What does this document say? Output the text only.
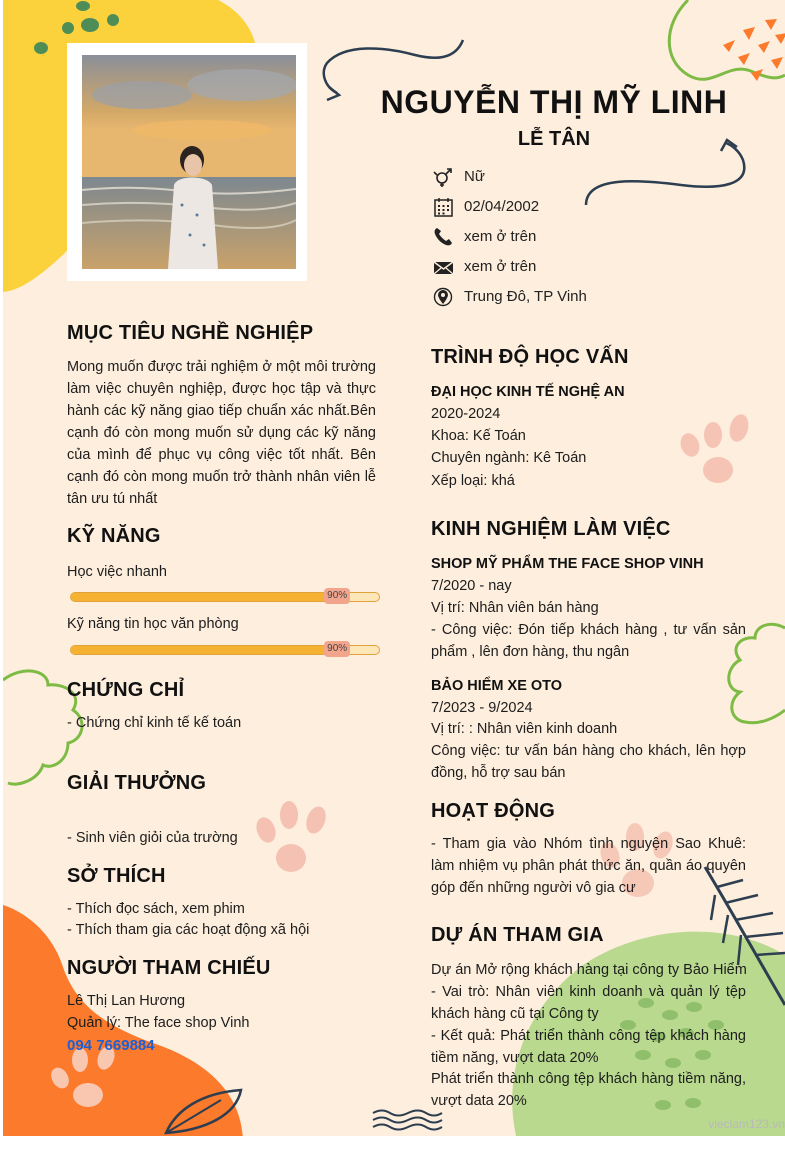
NGUYỄN THỊ MỸ LINH
LỄ TÂN
Nữ
02/04/2002
xem ở trên
xem ở trên
Trung Đô, TP Vinh
MỤC TIÊU NGHỀ NGHIỆP
Mong muốn được trải nghiệm ở một môi trường làm việc chuyên nghiệp, được học tập và thực hành các kỹ năng giao tiếp chuẩn xác nhất.Bên cạnh đó còn mong muốn sử dụng các kỹ năng của mình để phục vụ công việc tốt nhất. Bên cạnh đó còn mong muốn trở thành nhân viên lễ tân ưu tú nhất
KỸ NĂNG
Học việc nhanh
90%
Kỹ năng tin học văn phòng
90%
CHỨNG CHỈ
- Chứng chỉ kinh tế kế toán
GIẢI THƯỞNG
- Sinh viên giỏi của trường
SỞ THÍCH
- Thích đọc sách, xem phim
- Thích tham gia các hoạt động xã hội
NGƯỜI THAM CHIẾU
Lê Thị Lan Hương
Quản lý: The face shop Vinh
094 7669884
TRÌNH ĐỘ HỌC VẤN
ĐẠI HỌC KINH TẾ NGHỆ AN
2020-2024
Khoa: Kế Toán
Chuyên ngành: Kê Toán
Xếp loại: khá
KINH NGHIỆM LÀM VIỆC
SHOP MỸ PHẨM THE FACE SHOP VINH
7/2020 - nay
Vị trí: Nhân viên bán hàng
- Công việc: Đón tiếp khách hàng , tư vấn sản phẩm , lên đơn hàng, thu ngân
BẢO HIỂM XE OTO
7/2023 - 9/2024
Vị trí: : Nhân viên kinh doanh
Công việc: tư vấn bán hàng cho khách, lên hợp đồng, hỗ trợ sau bán
HOẠT ĐỘNG
- Tham gia vào Nhóm tình nguyện Sao Khuê: làm nhiệm vụ phân phát thức ăn, quần áo quyên góp đến những người vô gia cư
DỰ ÁN THAM GIA
Dự án Mở rộng khách hàng tại công ty Bảo Hiểm
- Vai trò: Nhân viên kinh doanh và quản lý tệp khách hàng cũ tại Công ty
- Kết quả: Phát triển thành công tệp khách hàng tiềm năng, vượt data 20%
Phát triển thành công tệp khách hàng tiềm năng, vượt data 20%
vieclam123.vn
